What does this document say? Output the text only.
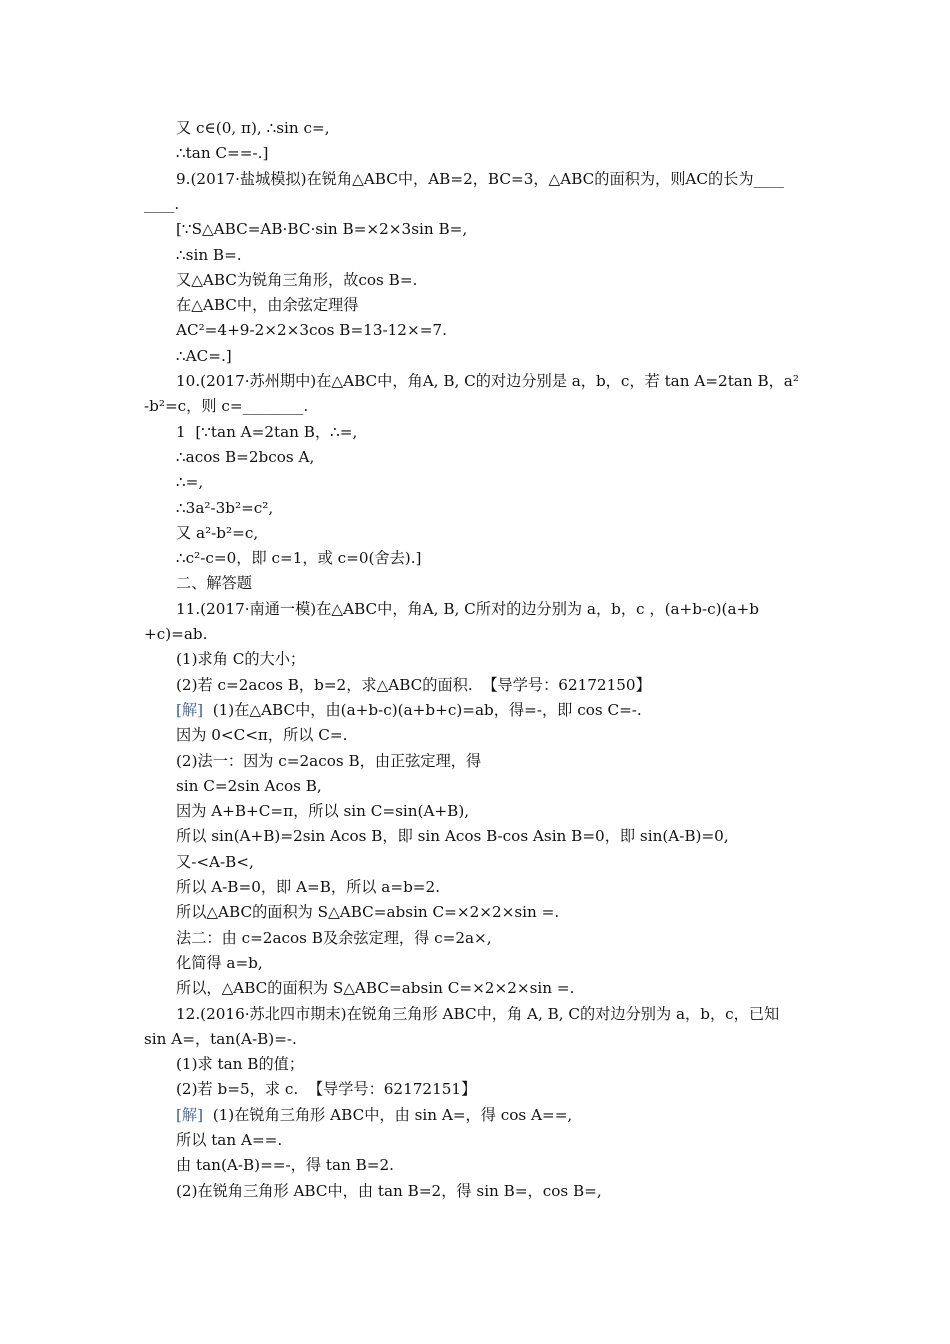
又 c∈(0, π), ∴sin c=,
∴tan C==-.]
9.(2017·盐城模拟)在锐角△ABC中，AB=2，BC=3，△ABC的面积为，则AC的长为____
____.
[∵S△ABC=AB·BC·sin B=×2×3sin B=,
∴sin B=.
又△ABC为锐角三角形，故cos B=.
在△ABC中，由余弦定理得
AC²=4+9-2×2×3cos B=13-12×=7.
∴AC=.]
10.(2017·苏州期中)在△ABC中，角A, B, C的对边分别是 a，b，c，若 tan A=2tan B，a²
-b²=c，则 c=________.
1  [∵tan A=2tan B，∴=,
∴acos B=2bcos A,
∴=,
∴3a²-3b²=c²,
又 a²-b²=c,
∴c²-c=0，即 c=1，或 c=0(舍去).]
二、解答题
11.(2017·南通一模)在△ABC中，角A, B, C所对的边分别为 a，b，c ，(a+b-c)(a+b
+c)=ab.
(1)求角 C的大小；
(2)若 c=2acos B，b=2，求△ABC的面积.  【导学号：62172150】
[解]  (1)在△ABC中，由(a+b-c)(a+b+c)=ab，得=-，即 cos C=-.
因为 0<C<π，所以 C=.
(2)法一：因为 c=2acos B，由正弦定理，得
sin C=2sin Acos B,
因为 A+B+C=π，所以 sin C=sin(A+B),
所以 sin(A+B)=2sin Acos B，即 sin Acos B-cos Asin B=0，即 sin(A-B)=0,
又-<A-B<,
所以 A-B=0，即 A=B，所以 a=b=2.
所以△ABC的面积为 S△ABC=absin C=×2×2×sin =.
法二：由 c=2acos B及余弦定理，得 c=2a×,
化简得 a=b,
所以，△ABC的面积为 S△ABC=absin C=×2×2×sin =.
12.(2016·苏北四市期末)在锐角三角形 ABC中，角 A, B, C的对边分别为 a，b，c，已知
sin A=，tan(A-B)=-.
(1)求 tan B的值；
(2)若 b=5，求 c.  【导学号：62172151】
[解]  (1)在锐角三角形 ABC中，由 sin A=，得 cos A==,
所以 tan A==.
由 tan(A-B)==-，得 tan B=2.
(2)在锐角三角形 ABC中，由 tan B=2，得 sin B=，cos B=,
